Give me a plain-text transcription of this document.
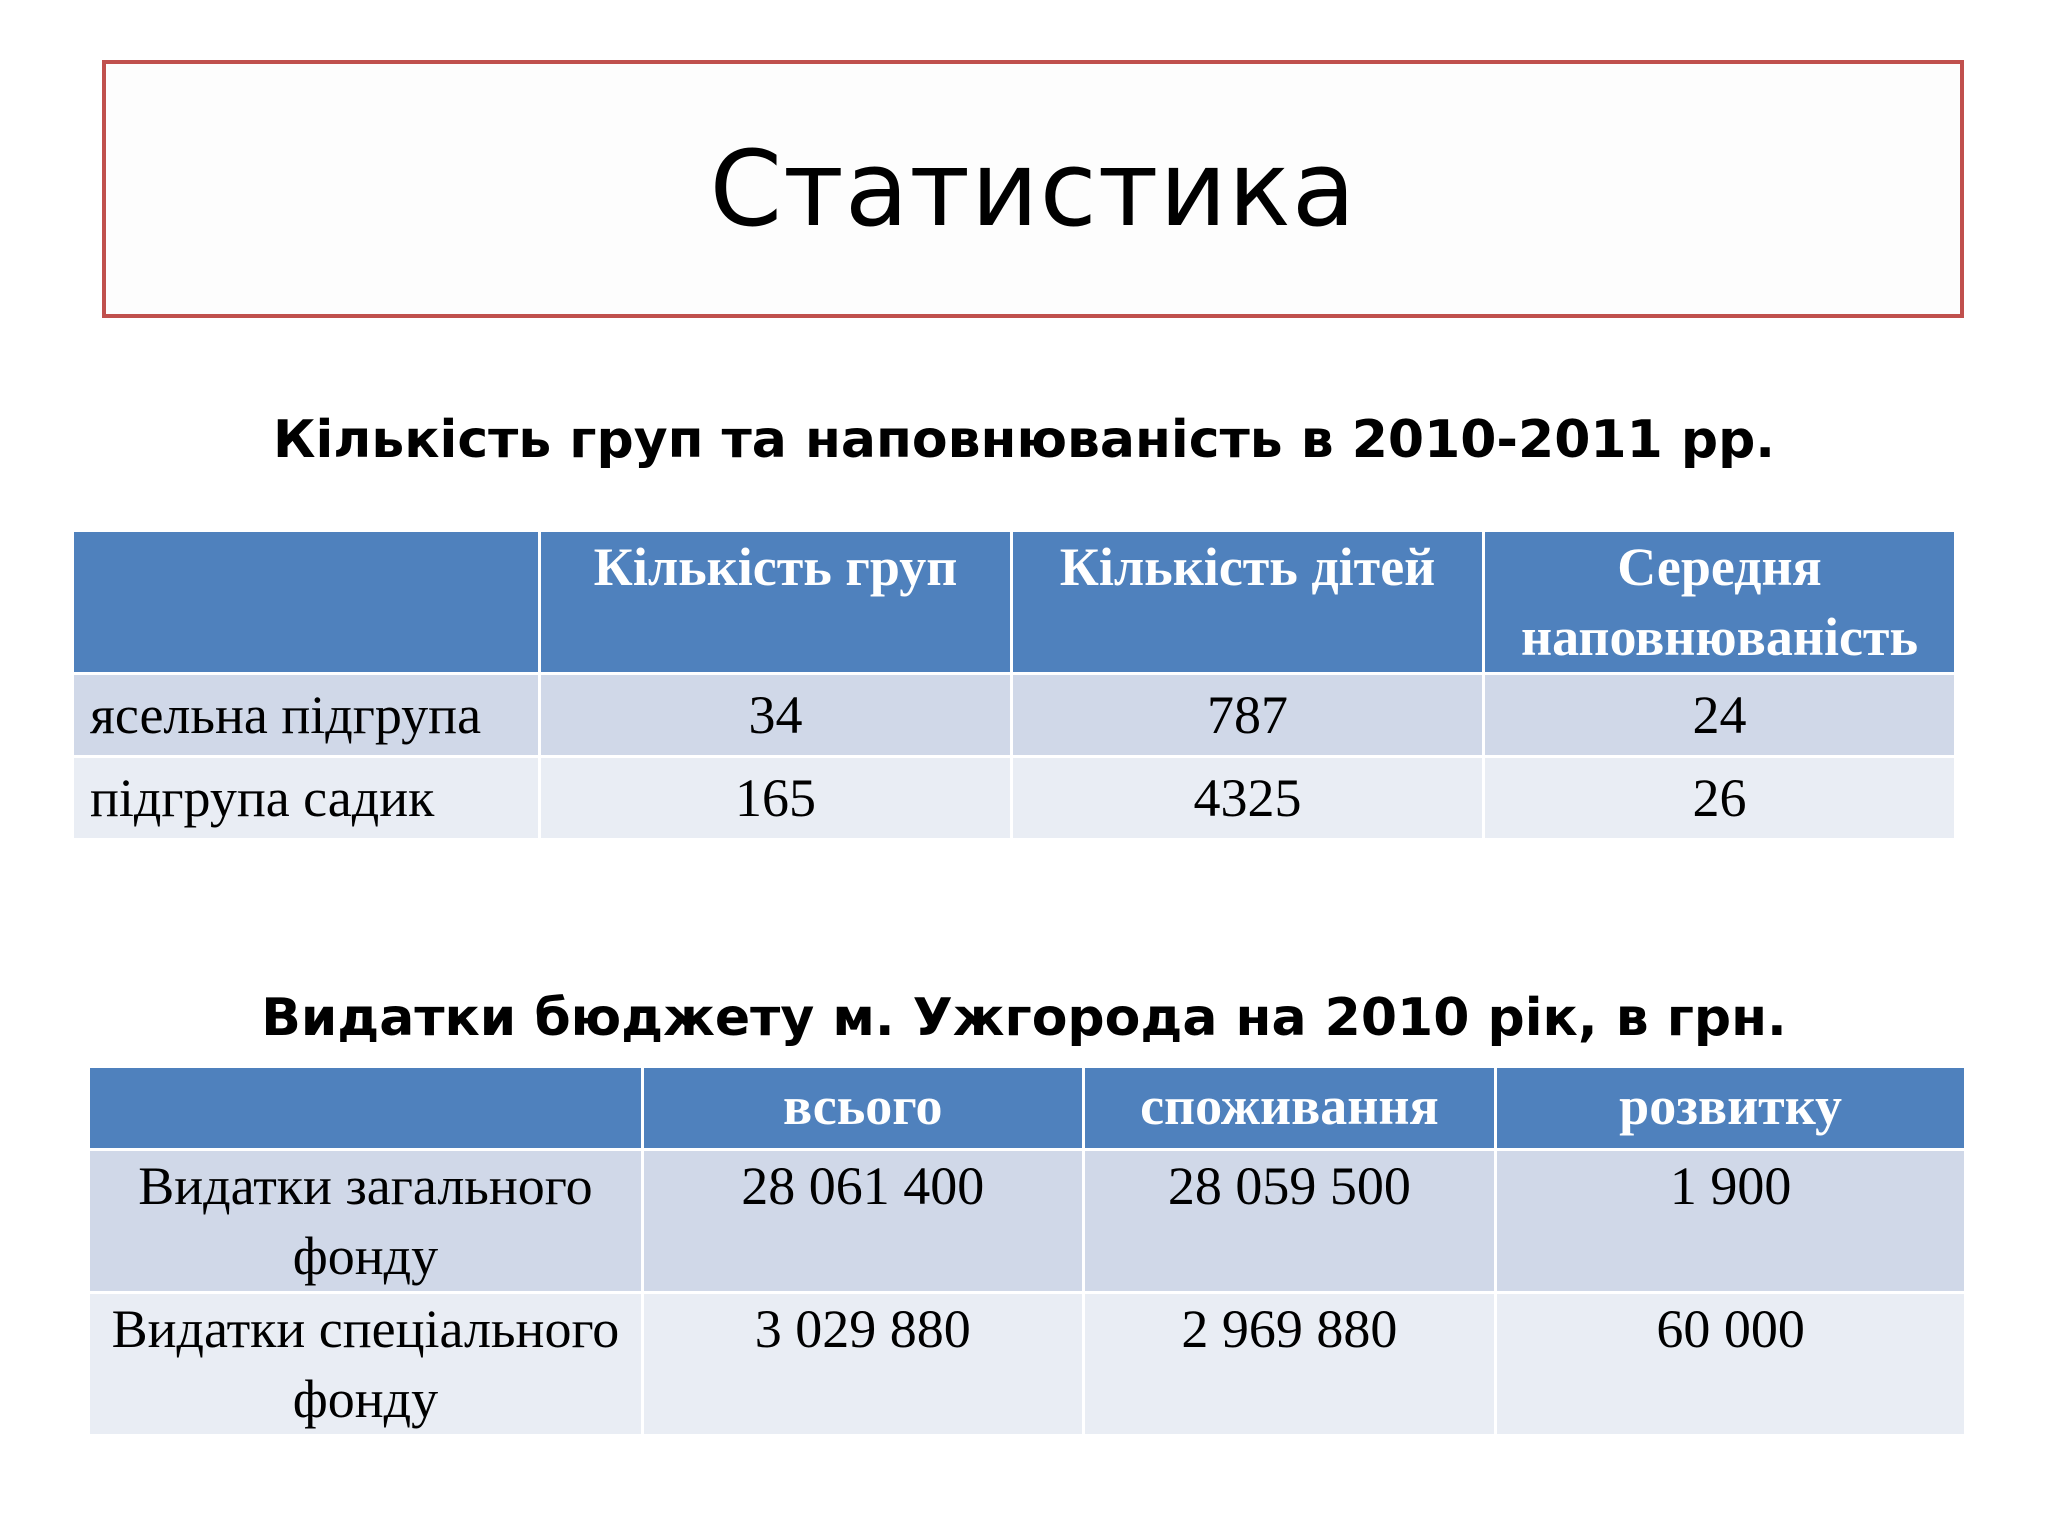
Статистика
Кількість груп та наповнюваність в 2010-2011 рр.
	Кількість груп	Кількість дітей	Середня наповнюваність
ясельна підгрупа	34	787	24
підгрупа садик	165	4325	26
Видатки бюджету м. Ужгорода на 2010 рік, в грн.
	всього	споживання	розвитку
Видатки загального фонду	28 061 400	28 059 500	1 900
Видатки спеціального фонду	3 029 880	2 969 880	60 000
